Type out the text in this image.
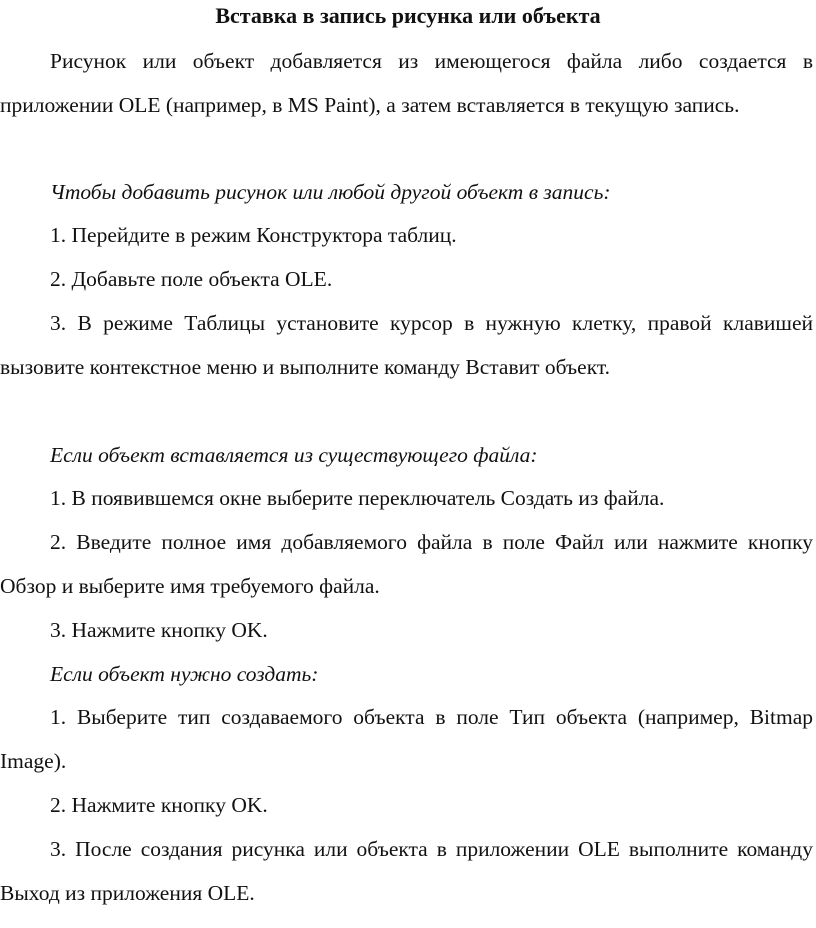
Вставка в запись рисунка или объекта

Рисунок или объект добавляется из имеющегося файла либо создается в приложении OLE (например, в MS Paint), а затем вставляется в текущую запись.

Чтобы добавить рисунок или любой другой объект в запись:

1. Перейдите в режим Конструктора таблиц.

2. Добавьте поле объекта OLE.

3. В режиме Таблицы установите курсор в нужную клетку, правой клавишей вызовите контекстное меню и выполните команду Вставит объект.

Если объект вставляется из существующего файла:

1. В появившемся окне выберите переключатель Создать из файла.

2. Введите полное имя добавляемого файла в поле Файл или нажмите кнопку Обзор и выберите имя требуемого файла.

3. Нажмите кнопку OK.

Если объект нужно создать:

1. Выберите тип создаваемого объекта в поле Тип объекта (например, Bitmap Image).

2. Нажмите кнопку OK.

3. После создания рисунка или объекта в приложении OLE выполните команду Выход из приложения OLE.
